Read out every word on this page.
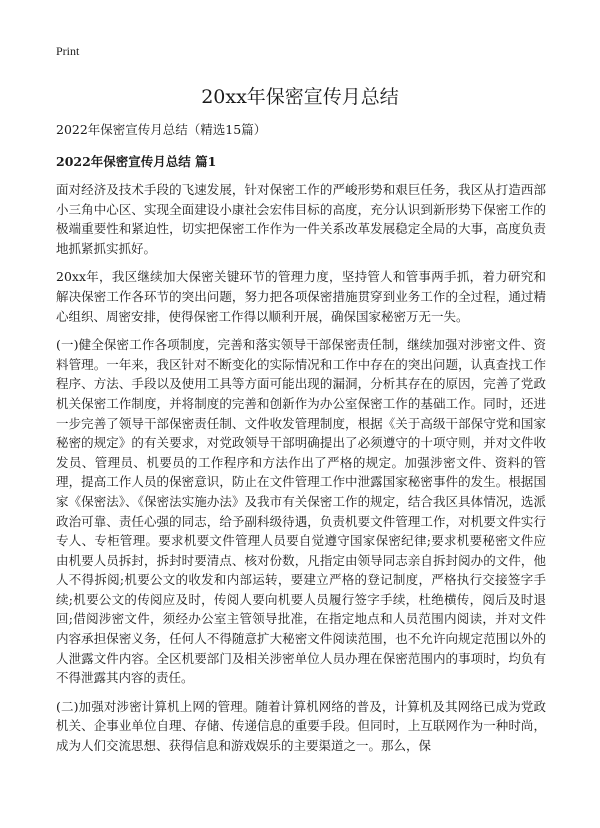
Print
20xx年保密宣传月总结

2022年保密宣传月总结（精选15篇）

2022年保密宣传月总结 篇1

面对经济及技术手段的飞速发展，针对保密工作的严峻形势和艰巨任务，我区从打造西部小三角中心区、实现全面建设小康社会宏伟目标的高度，充分认识到新形势下保密工作的极端重要性和紧迫性，切实把保密工作作为一件关系改革发展稳定全局的大事，高度负责地抓紧抓实抓好。

20xx年，我区继续加大保密关键环节的管理力度，坚持管人和管事两手抓，着力研究和解决保密工作各环节的突出问题，努力把各项保密措施贯穿到业务工作的全过程，通过精心组织、周密安排，使得保密工作得以顺利开展，确保国家秘密万无一失。

(一)健全保密工作各项制度，完善和落实领导干部保密责任制，继续加强对涉密文件、资料管理。一年来，我区针对不断变化的实际情况和工作中存在的突出问题，认真查找工作程序、方法、手段以及使用工具等方面可能出现的漏洞，分析其存在的原因，完善了党政机关保密工作制度，并将制度的完善和创新作为办公室保密工作的基础工作。同时，还进一步完善了领导干部保密责任制、文件收发管理制度，根据《关于高级干部保守党和国家秘密的规定》的有关要求，对党政领导干部明确提出了必须遵守的十项守则，并对文件收发员、管理员、机要员的工作程序和方法作出了严格的规定。加强涉密文件、资料的管理，提高工作人员的保密意识，防止在文件管理工作中泄露国家秘密事件的发生。根据国家《保密法》、《保密法实施办法》及我市有关保密工作的规定，结合我区具体情况，选派政治可靠、责任心强的同志，给予副科级待遇，负责机要文件管理工作，对机要文件实行专人、专柜管理。要求机要文件管理人员要自觉遵守国家保密纪律;要求机要秘密文件应由机要人员拆封，拆封时要清点、核对份数，凡指定由领导同志亲自拆封阅办的文件，他人不得拆阅;机要公文的收发和内部运转，要建立严格的登记制度，严格执行交接签字手续;机要公文的传阅应及时，传阅人要向机要人员履行签字手续，杜绝横传，阅后及时退回;借阅涉密文件，须经办公室主管领导批准，在指定地点和人员范围内阅读，并对文件内容承担保密义务，任何人不得随意扩大秘密文件阅读范围，也不允许向规定范围以外的人泄露文件内容。全区机要部门及相关涉密单位人员办理在保密范围内的事项时，均负有不得泄露其内容的责任。

(二)加强对涉密计算机上网的管理。随着计算机网络的普及，计算机及其网络已成为党政机关、企事业单位自理、存储、传递信息的重要手段。但同时，上互联网作为一种时尚，成为人们交流思想、获得信息和游戏娱乐的主要渠道之一。那么，保
